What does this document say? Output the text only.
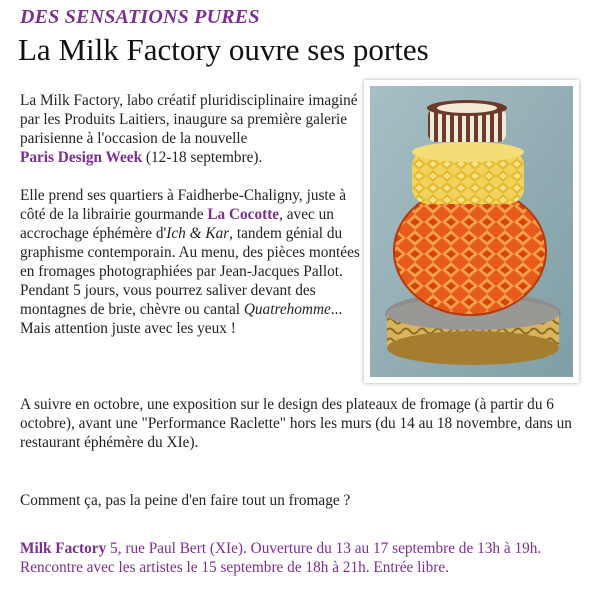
DES SENSATIONS PURES
La Milk Factory ouvre ses portes

La Milk Factory, labo créatif pluridisciplinaire imaginé par les Produits Laitiers, inaugure sa première galerie parisienne à l'occasion de la nouvelle
Paris Design Week (12-18 septembre).

Elle prend ses quartiers à Faidherbe-Chaligny, juste à côté de la librairie gourmande La Cocotte, avec un accrochage éphémère d'Ich & Kar, tandem génial du graphisme contemporain. Au menu, des pièces montées en fromages photographiées par Jean-Jacques Pallot. Pendant 5 jours, vous pourrez saliver devant des montagnes de brie, chèvre ou cantal Quatrehomme... Mais attention juste avec les yeux !

A suivre en octobre, une exposition sur le design des plateaux de fromage (à partir du 6 octobre), avant une "Performance Raclette" hors les murs (du 14 au 18 novembre, dans un restaurant éphémère du XIe).

Comment ça, pas la peine d'en faire tout un fromage ?

Milk Factory 5, rue Paul Bert (XIe). Ouverture du 13 au 17 septembre de 13h à 19h. Rencontre avec les artistes le 15 septembre de 18h à 21h. Entrée libre.
